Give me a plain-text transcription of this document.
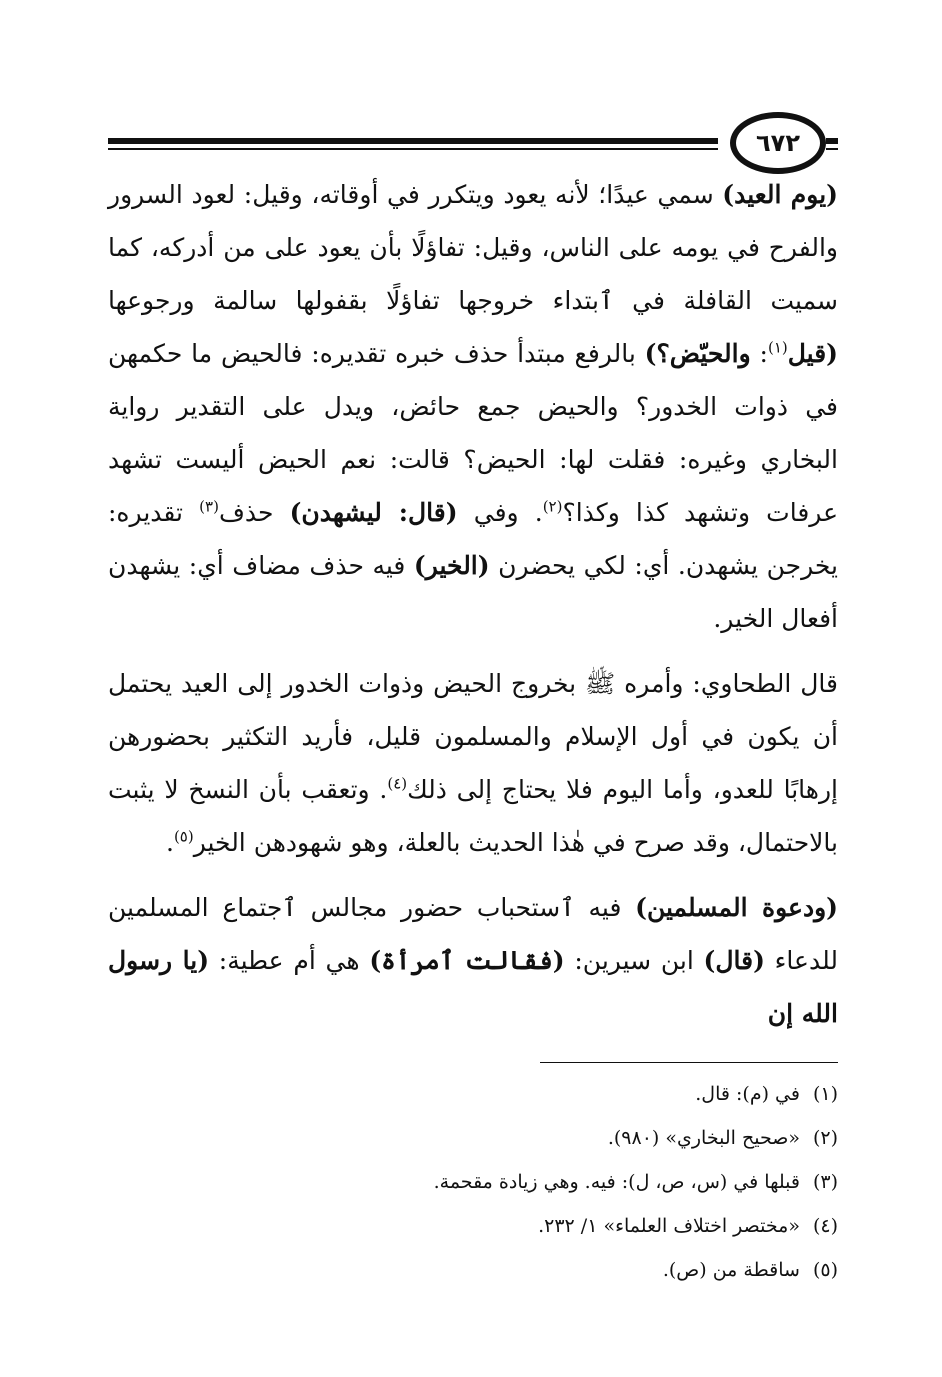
٦٧٢

(يوم العيد) سمي عيدًا؛ لأنه يعود ويتكرر في أوقاته، وقيل: لعود السرور والفرح في يومه على الناس، وقيل: تفاؤلًا بأن يعود على من أدركه، كما سميت القافلة في ٱبتداء خروجها تفاؤلًا بقفولها سالمة ورجوعها (قيل$^{(١)}$: والحيّض؟) بالرفع مبتدأ حذف خبره تقديره: فالحيض ما حكمهن في ذوات الخدور؟ والحيض جمع حائض، ويدل على التقدير رواية البخاري وغيره: فقلت لها: الحيض؟ قالت: نعم الحيض أليست تشهد عرفات وتشهد كذا وكذا؟$^{(٢)}$. وفي (قال: ليشهدن) حذف$^{(٣)}$ تقديره: يخرجن يشهدن. أي: لكي يحضرن (الخير) فيه حذف مضاف أي: يشهدن أفعال الخير.

قال الطحاوي: وأمره ﷺ بخروج الحيض وذوات الخدور إلى العيد يحتمل أن يكون في أول الإسلام والمسلمون قليل، فأريد التكثير بحضورهن إرهابًا للعدو، وأما اليوم فلا يحتاج إلى ذلك$^{(٤)}$. وتعقب بأن النسخ لا يثبت بالاحتمال، وقد صرح في هٰذا الحديث بالعلة، وهو شهودهن الخير$^{(٥)}$.

(ودعوة المسلمين) فيه ٱستحباب حضور مجالس ٱجتماع المسلمين للدعاء (قال) ابن سيرين: (فقالت ٱمرأة) هي أم عطية: (يا رسول الله إن

(١) في (م): قال.
(٢) «صحيح البخاري» (٩٨٠).
(٣) قبلها في (س، ص، ل): فيه. وهي زيادة مقحمة.
(٤) «مختصر اختلاف العلماء» ١/ ٢٣٢.
(٥) ساقطة من (ص).
